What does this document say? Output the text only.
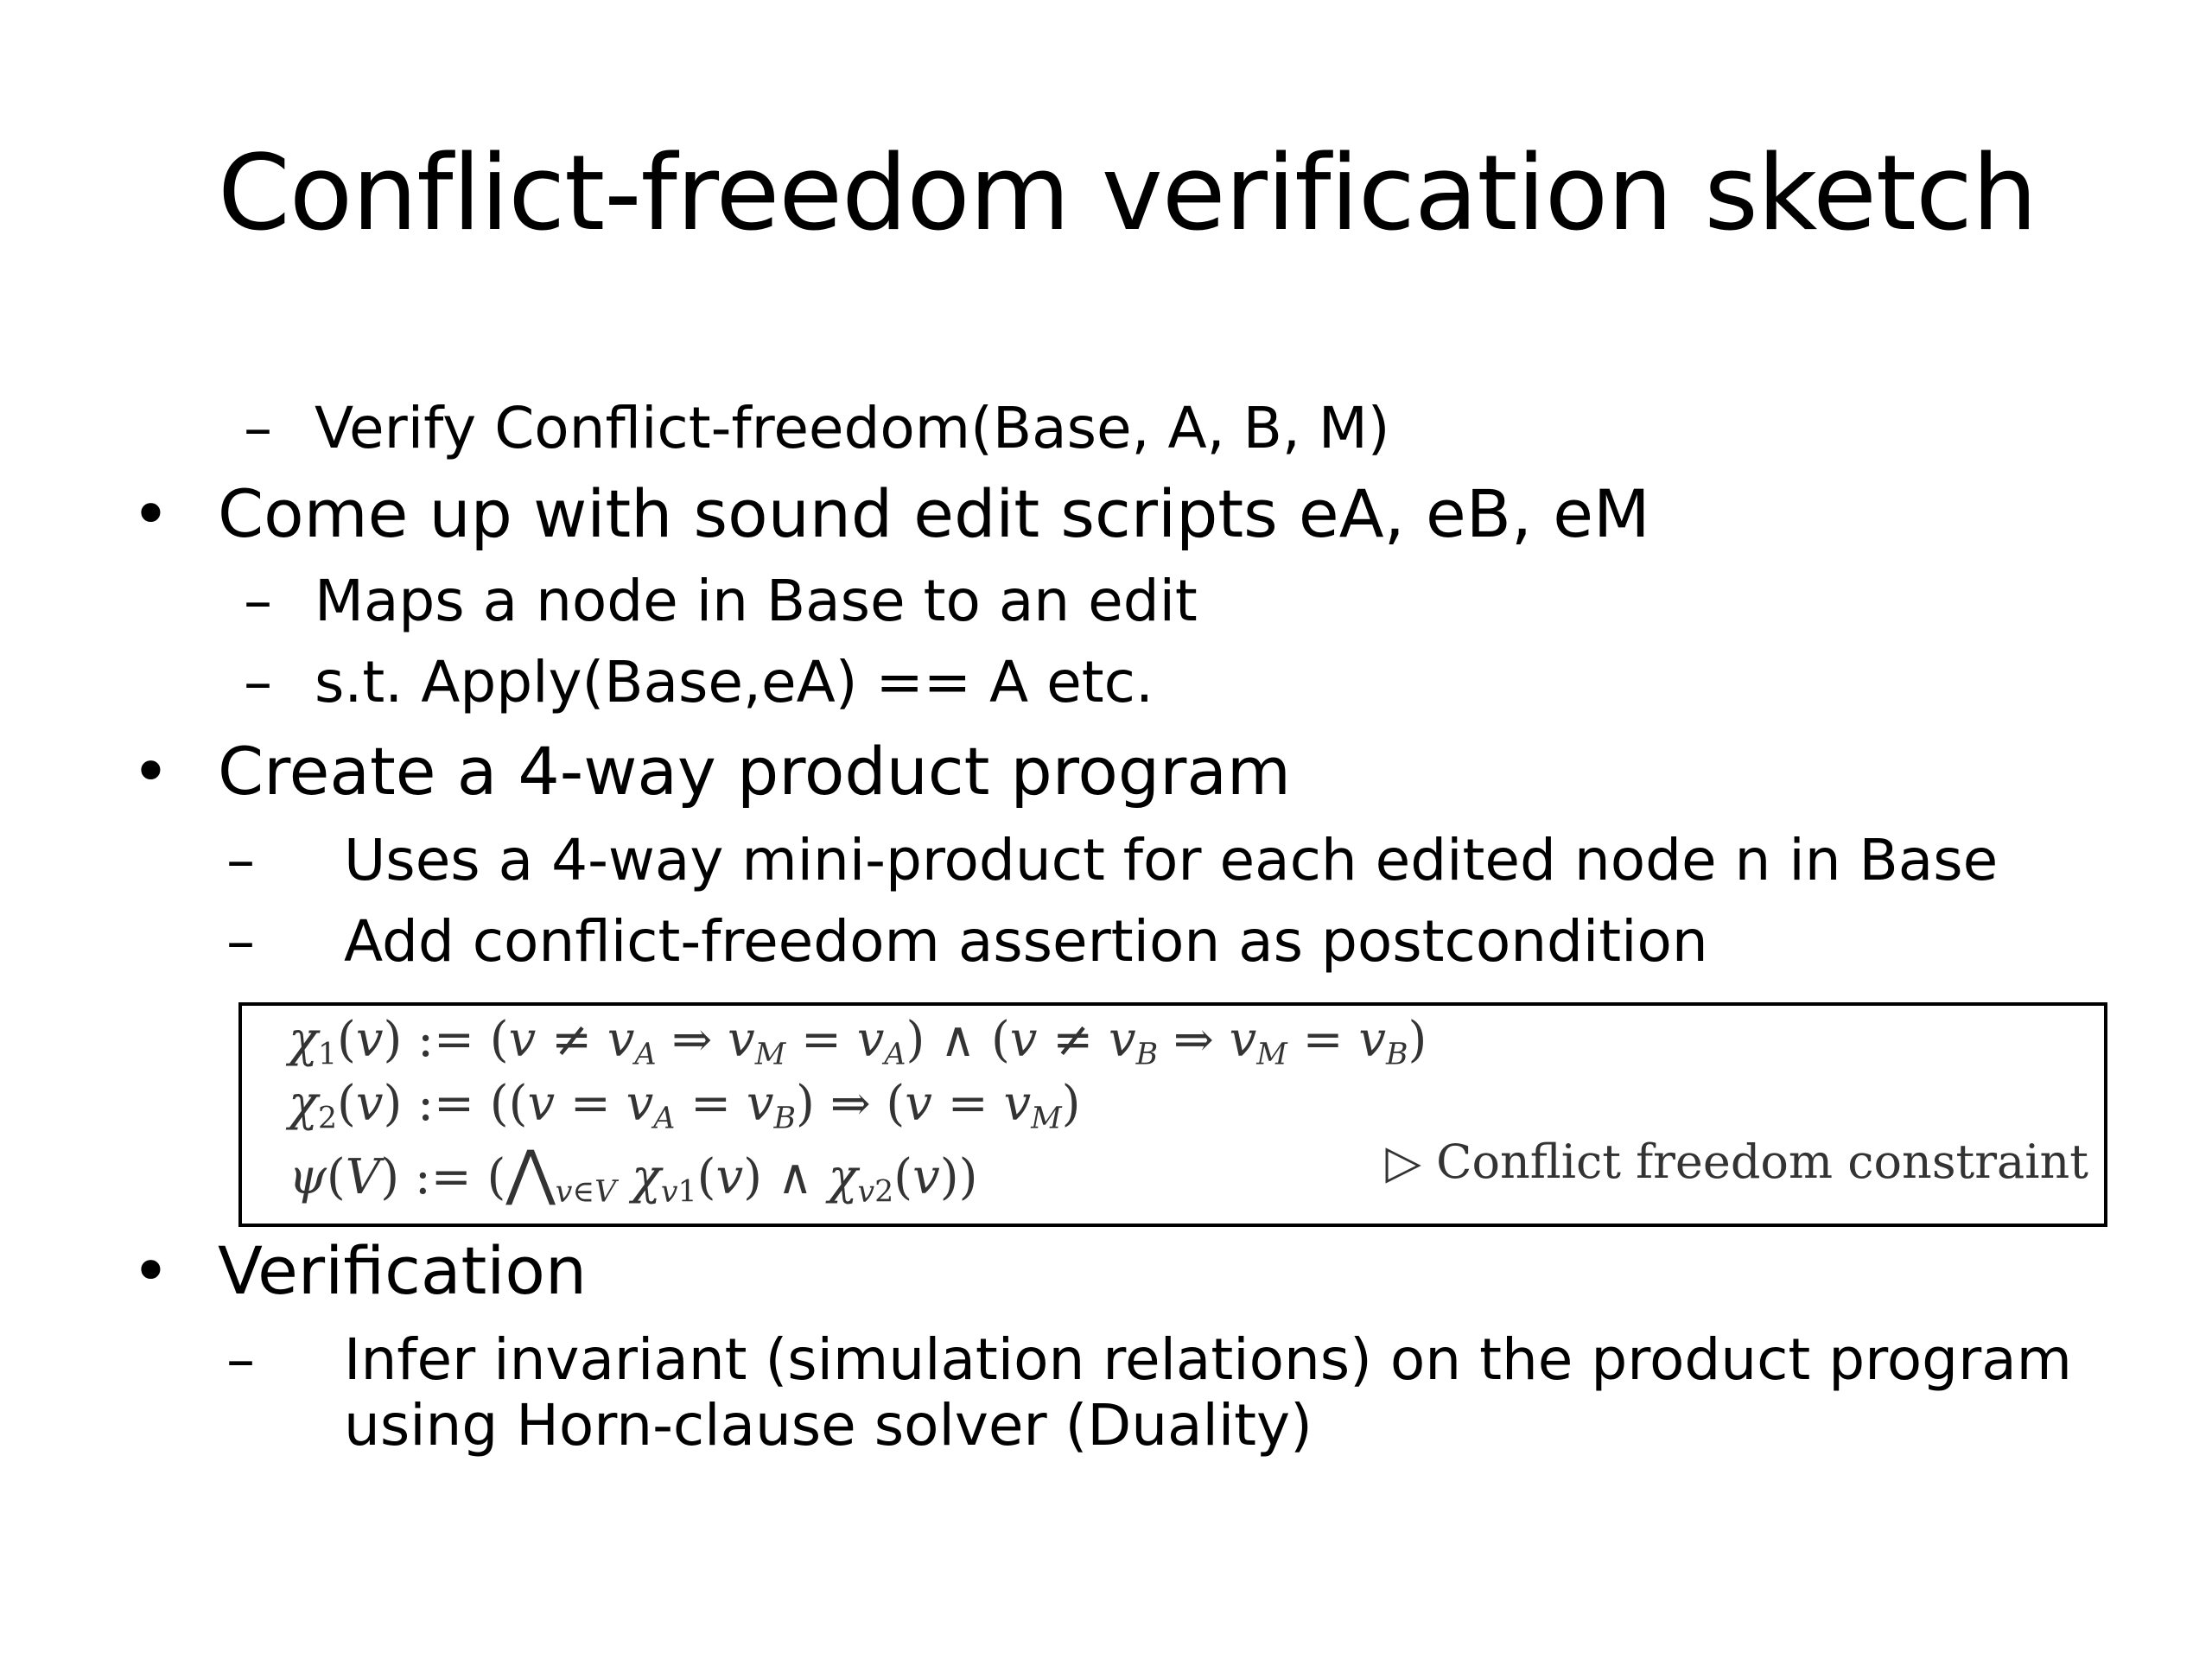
Conflict-freedom verification sketch
– Verify Conflict-freedom(Base, A, B, M)
• Come up with sound edit scripts eA, eB, eM
– Maps a node in Base to an edit
– s.t. Apply(Base,eA) == A etc.
• Create a 4-way product program
– Uses a 4-way mini-product for each edited node n in Base
– Add conflict-freedom assertion as postcondition
$\chi_1(v)$ := ($v \ne v_A$ ⇒ $v_M = v_A$) ∧ ($v \ne v_B$ ⇒ $v_M = v_B$)
$\chi_2(v)$ := ($(v = v_A = v_B)$ ⇒ $(v = v_M)$
ψ(V) := ($⋀_{v\in V}$ $\chi_{v1}(v)$ ∧ $\chi_{v2}(v)$)	▷ Conflict freedom constraint
• Verification
– Infer invariant (simulation relations) on the product program
using Horn-clause solver (Duality)
